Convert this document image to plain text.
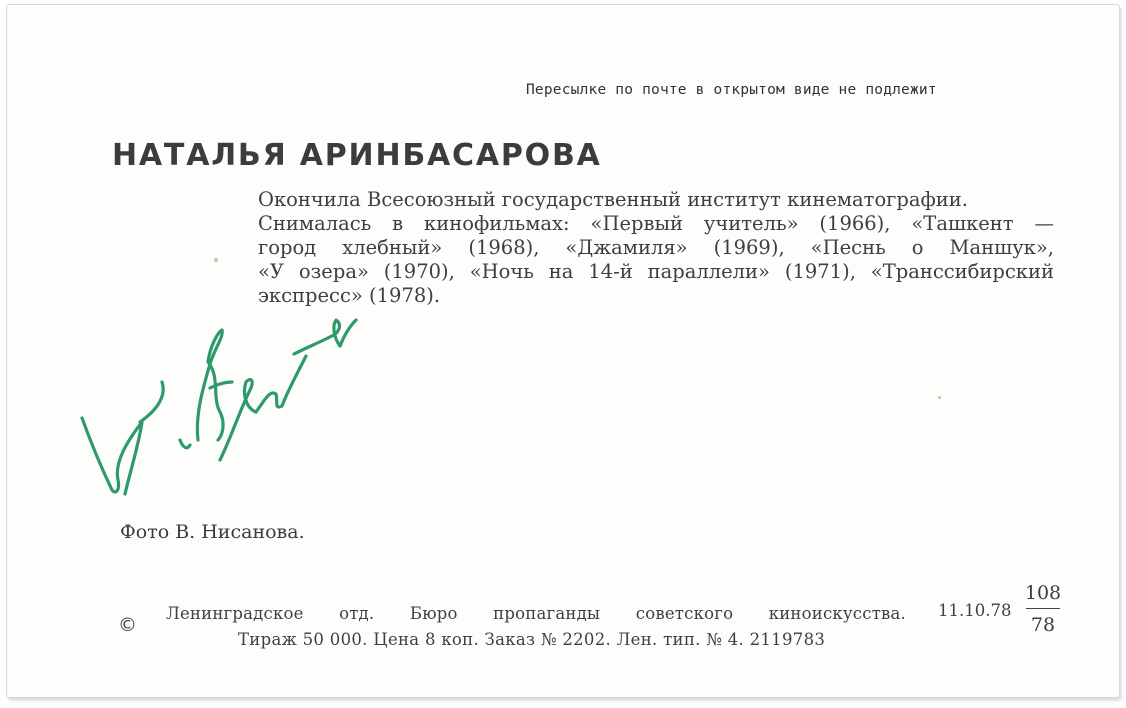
Пересылке по почте в открытом виде не подлежит
НАТАЛЬЯ АРИНБАСАРОВА
Окончила Всесоюзный государственный институт кинематографии.
Снималась в кинофильмах: «Первый учитель» (1966), «Ташкент —
город хлебный» (1968), «Джамиля» (1969), «Песнь о Маншук»,
«У озера» (1970), «Ночь на 14-й параллели» (1971), «Транссибирский
экспресс» (1978).
Фото В. Нисанова.
©
Ленинградское отд. Бюро пропаганды советского киноискусства. 11.10.78
Тираж 50 000. Цена 8 коп. Заказ № 2202. Лен. тип. № 4. 2119783
108
78
